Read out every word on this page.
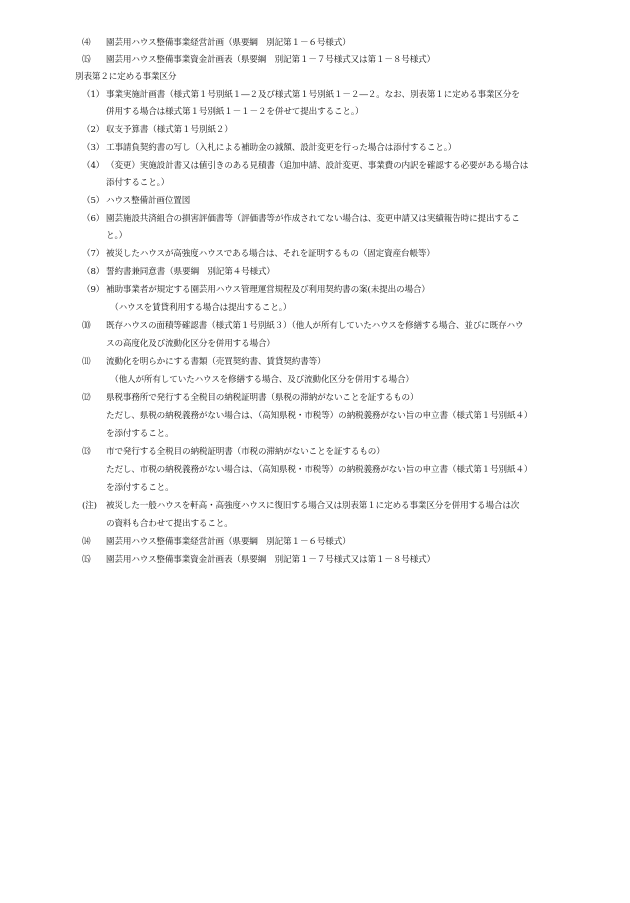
⑷ 園芸用ハウス整備事業経営計画（県要綱　別記第１－６号様式）
⒂ 園芸用ハウス整備事業資金計画表（県要綱　別記第１－７号様式又は第１－８号様式）
別表第２に定める事業区分
（1） 事業実施計画書（様式第１号別紙１―２及び様式第１号別紙１－２―２。なお、別表第１に定める事業区分を
併用する場合は様式第１号別紙１－１－２を併せて提出すること。）
（2） 収支予算書（様式第１号別紙２）
（3） 工事請負契約書の写し（入札による補助金の減額、設計変更を行った場合は添付すること。）
（4） （変更）実施設計書又は値引きのある見積書（追加申請、設計変更、事業費の内訳を確認する必要がある場合は
添付すること。）
（5） ハウス整備計画位置図
（6） 園芸施設共済組合の損害評価書等（評価書等が作成されてない場合は、変更申請又は実績報告時に提出するこ
と。）
（7） 被災したハウスが高強度ハウスである場合は、それを証明するもの（固定資産台帳等）
（8） 誓約書兼同意書（県要綱　別記第４号様式）
（9） 補助事業者が規定する園芸用ハウス管理運営規程及び利用契約書の案(未提出の場合）
　（ハウスを賃貸利用する場合は提出すること。）
⑽ 既存ハウスの面積等確認書（様式第１号別紙３）（他人が所有していたハウスを修繕する場合、並びに既存ハウ
スの高度化及び流動化区分を併用する場合）
⑾ 流動化を明らかにする書類（売買契約書、賃貸契約書等）
　（他人が所有していたハウスを修繕する場合、及び流動化区分を併用する場合）
⑿ 県税事務所で発行する全税目の納税証明書（県税の滞納がないことを証するもの）
ただし、県税の納税義務がない場合は、（高知県税・市税等）の納税義務がない旨の申立書（様式第１号別紙４）
を添付すること。
⒀ 市で発行する全税目の納税証明書（市税の滞納がないことを証するもの）
ただし、市税の納税義務がない場合は、（高知県税・市税等）の納税義務がない旨の申立書（様式第１号別紙４）
を添付すること。
(注) 被災した一般ハウスを軒高・高強度ハウスに復旧する場合又は別表第１に定める事業区分を併用する場合は次
の資料も合わせて提出すること。
⒁ 園芸用ハウス整備事業経営計画（県要綱　別記第１－６号様式）
⒂ 園芸用ハウス整備事業資金計画表（県要綱　別記第１－７号様式又は第１－８号様式）
